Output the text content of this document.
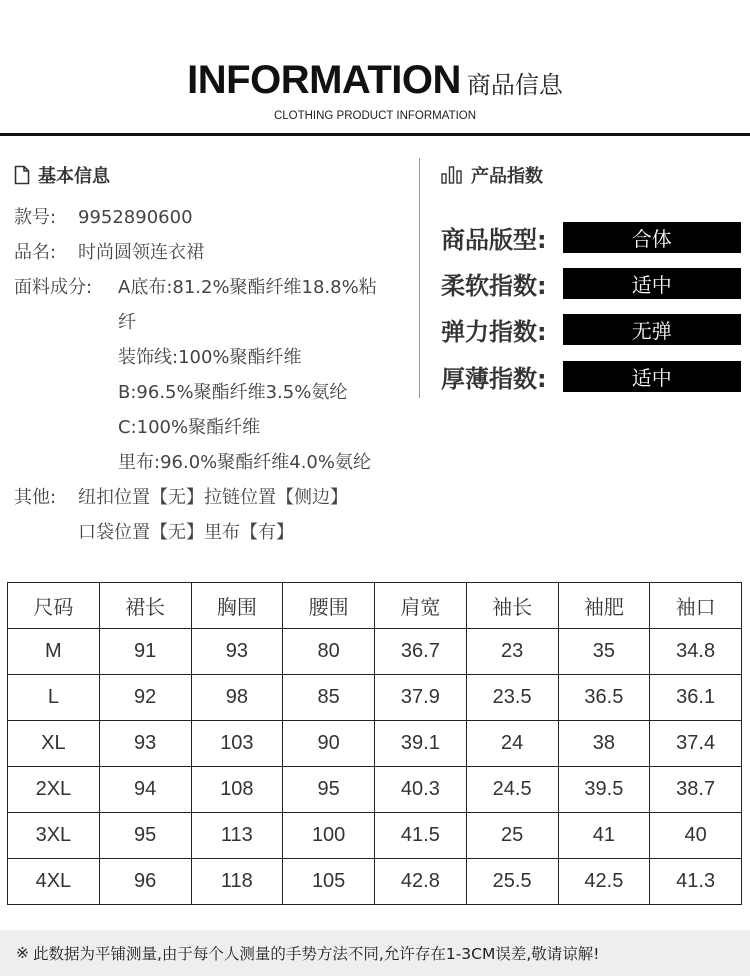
INFORMATION 商品信息
CLOTHING PRODUCT INFORMATION
基本信息
款号:	9952890600
品名:	时尚圆领连衣裙
面料成分:	A底布:81.2%聚酯纤维18.8%粘
纤
装饰线:100%聚酯纤维
B:96.5%聚酯纤维3.5%氨纶
C:100%聚酯纤维
里布:96.0%聚酯纤维4.0%氨纶
其他:	纽扣位置【无】拉链位置【侧边】
口袋位置【无】里布【有】
产品指数
商品版型:	合体
柔软指数:	适中
弹力指数:	无弹
厚薄指数:	适中
尺码	裙长	胸围	腰围	肩宽	袖长	袖肥	袖口
M	91	93	80	36.7	23	35	34.8
L	92	98	85	37.9	23.5	36.5	36.1
XL	93	103	90	39.1	24	38	37.4
2XL	94	108	95	40.3	24.5	39.5	38.7
3XL	95	113	100	41.5	25	41	40
4XL	96	118	105	42.8	25.5	42.5	41.3
※ 此数据为平铺测量,由于每个人测量的手势方法不同,允许存在1-3CM误差,敬请谅解!
